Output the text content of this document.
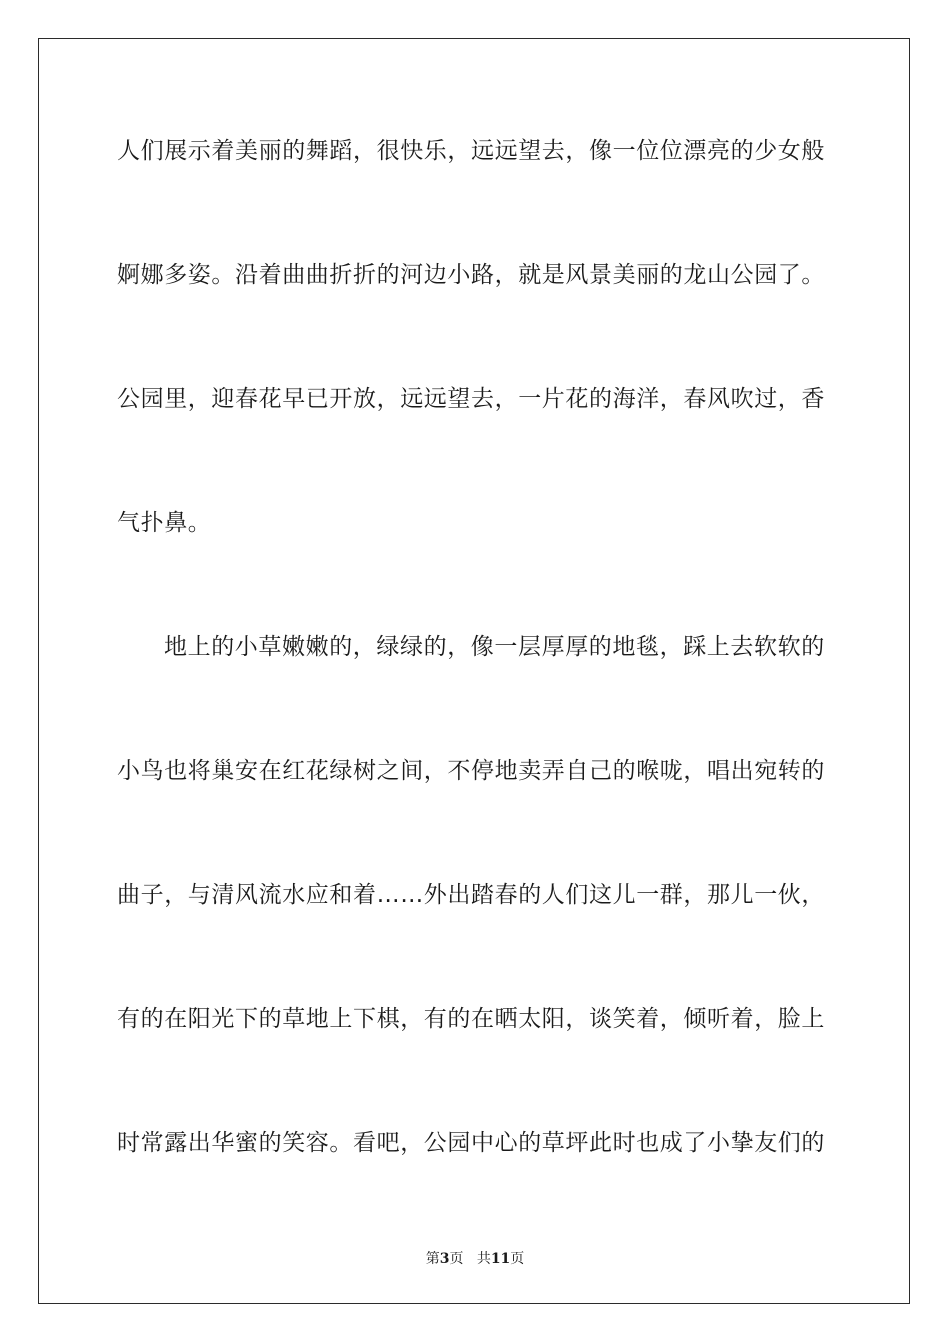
人们展示着美丽的舞蹈，很快乐，远远望去，像一位位漂亮的少女般
婀娜多姿。沿着曲曲折折的河边小路，就是风景美丽的龙山公园了。
公园里，迎春花早已开放，远远望去，一片花的海洋，春风吹过，香
气扑鼻。
地上的小草嫩嫩的，绿绿的，像一层厚厚的地毯，踩上去软软的
小鸟也将巢安在红花绿树之间，不停地卖弄自己的喉咙，唱出宛转的
曲子，与清风流水应和着……外出踏春的人们这儿一群，那儿一伙，
有的在阳光下的草地上下棋，有的在晒太阳，谈笑着，倾听着，脸上
时常露出华蜜的笑容。看吧，公园中心的草坪此时也成了小挚友们的
第3页 共11页
